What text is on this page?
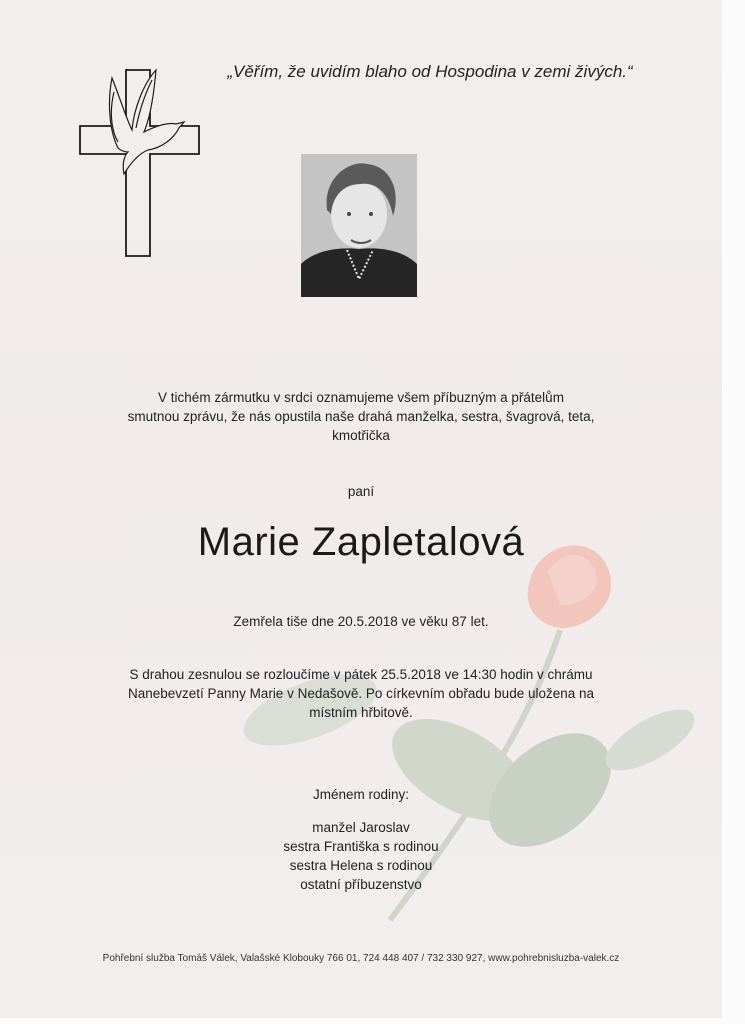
„Věřím, že uvidím blaho od Hospodina v zemi živých.“
V tichém zármutku v srdci oznamujeme všem příbuzným a přátelům
smutnou zprávu, že nás opustila naše drahá manželka, sestra, švagrová, teta,
kmotřička
paní
Marie Zapletalová
Zemřela tiše dne 20.5.2018 ve věku 87 let.
S drahou zesnulou se rozloučíme v pátek 25.5.2018 ve 14:30 hodin v chrámu
Nanebevzetí Panny Marie v Nedašově. Po církevním obřadu bude uložena na
místním hřbitově.
Jménem rodiny:
manžel Jaroslav
sestra Františka s rodinou
sestra Helena s rodinou
ostatní příbuzenstvo
Pohřební služba Tomáš Válek, Valašské Klobouky 766 01, 724 448 407 / 732 330 927, www.pohrebnisluzba-valek.cz
